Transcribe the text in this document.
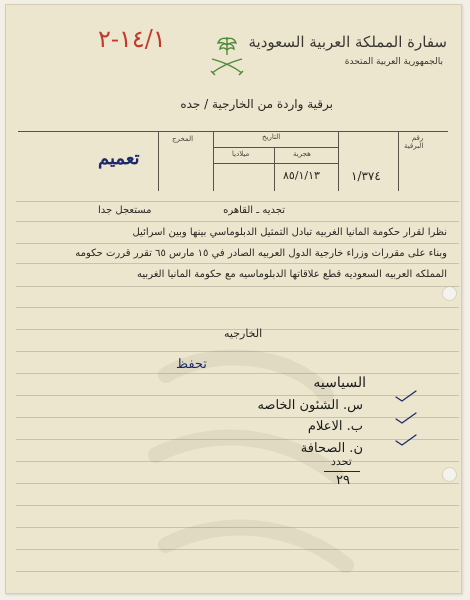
١٤/١-٢	سفارة المملكة العربية السعودية
بالجمهورية العربية المتحدة
برقية واردة من الخارجية / جده
رقم البرقية
التاريخ
هجرية
ميلاديا
المخرج
١/٣٧٤
٨٥/١/١٣
تعميم
تجديه ـ القاهره
مستعجل جدا
نظرا لقرار حكومة المانيا الغربيه تبادل التمثيل الدبلوماسي بينها وبين اسرائيل
وبناء على مقررات وزراء خارجية الدول العربيه الصادر في ١٥ مارس ٦٥ تقرر قررت حكومه
المملكه العربيه السعوديه قطع علاقاتها الدبلوماسيه مع حكومة المانيا الغربيه
الخارجيه
تحفظ
السياسيه
س. الشئون الخاصه
ب. الاعلام
ن. الصحافة
تحدد
٢٩
